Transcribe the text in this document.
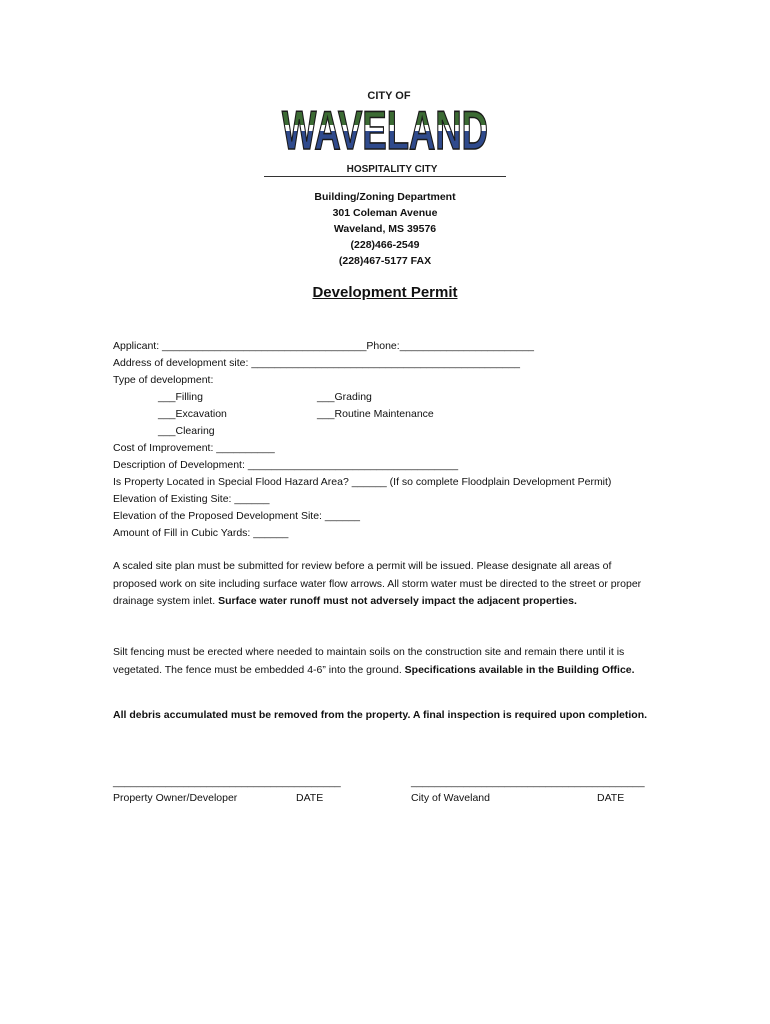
CITY OF
WAVELAND
HOSPITALITY CITY
Building/Zoning Department
301 Coleman Avenue
Waveland, MS 39576
(228)466-2549
(228)467-5177 FAX
Development Permit
Applicant: ___________________________________Phone:_______________________
Address of development site: ______________________________________________
Type of development:
___Filling	___Grading
___Excavation	___Routine Maintenance
___Clearing
Cost of Improvement: __________
Description of Development: ____________________________________
Is Property Located in Special Flood Hazard Area? ______ (If so complete Floodplain Development Permit)
Elevation of Existing Site: ______
Elevation of the Proposed Development Site: ______
Amount of Fill in Cubic Yards: ______
A scaled site plan must be submitted for review before a permit will be issued. Please designate all areas of proposed work on site including surface water flow arrows. All storm water must be directed to the street or proper drainage system inlet. Surface water runoff must not adversely impact the adjacent properties.
Silt fencing must be erected where needed to maintain soils on the construction site and remain there until it is vegetated. The fence must be embedded 4-6” into the ground. Specifications available in the Building Office.
All debris accumulated must be removed from the property. A final inspection is required upon completion.
_______________________________________	________________________________________
Property Owner/Developer	DATE	City of Waveland	DATE
